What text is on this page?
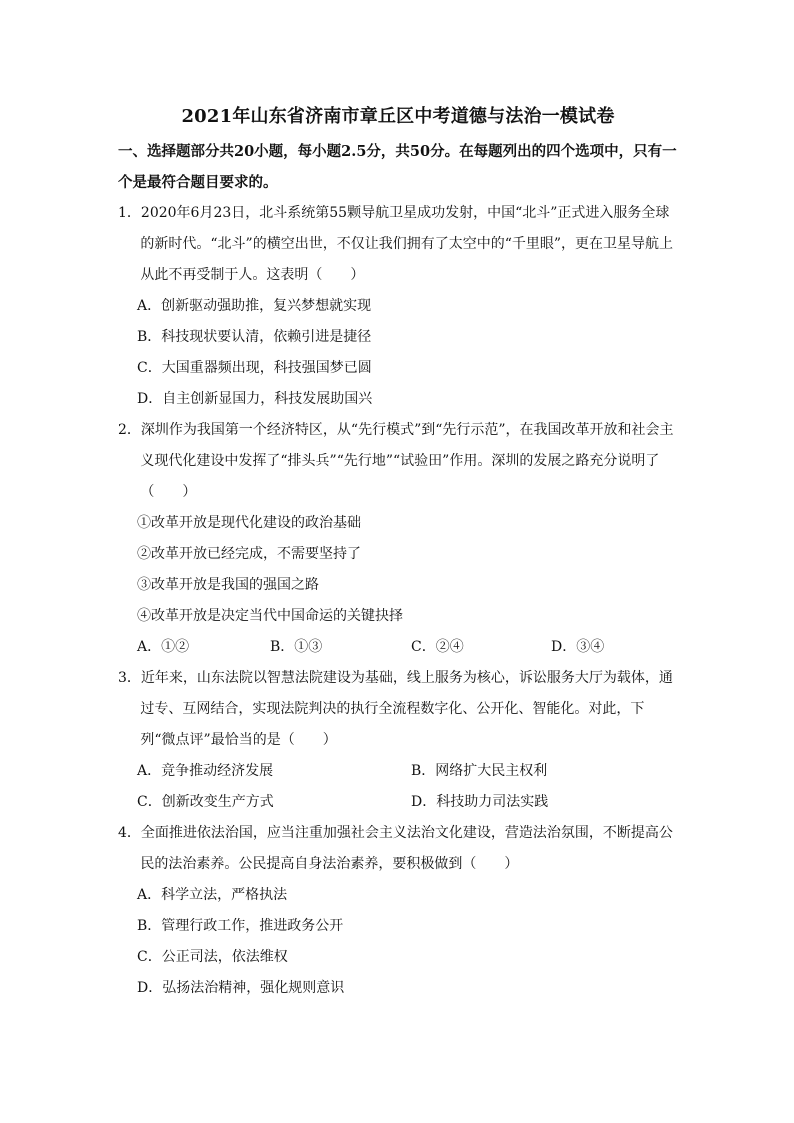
2021年山东省济南市章丘区中考道德与法治一模试卷
一、选择题部分共20小题，每小题2.5分，共50分。在每题列出的四个选项中，只有一个是最符合题目要求的。
1．2020年6月23日，北斗系统第55颗导航卫星成功发射，中国“北斗”正式进入服务全球的新时代。“北斗”的横空出世，不仅让我们拥有了太空中的“千里眼”，更在卫星导航上从此不再受制于人。这表明（　　）
A．创新驱动强助推，复兴梦想就实现
B．科技现状要认清，依赖引进是捷径
C．大国重器频出现，科技强国梦已圆
D．自主创新显国力，科技发展助国兴
2．深圳作为我国第一个经济特区，从“先行模式”到“先行示范”，在我国改革开放和社会主义现代化建设中发挥了“排头兵”“先行地”“试验田”作用。深圳的发展之路充分说明了（　　）
①改革开放是现代化建设的政治基础
②改革开放已经完成，不需要坚持了
③改革开放是我国的强国之路
④改革开放是决定当代中国命运的关键抉择
A．①②	B．①③	C．②④	D．③④
3．近年来，山东法院以智慧法院建设为基础，线上服务为核心，诉讼服务大厅为载体，通过专、互网结合，实现法院判决的执行全流程数字化、公开化、智能化。对此，下列“微点评”最恰当的是（　　）
A．竞争推动经济发展	B．网络扩大民主权利
C．创新改变生产方式	D．科技助力司法实践
4．全面推进依法治国，应当注重加强社会主义法治文化建设，营造法治氛围，不断提高公民的法治素养。公民提高自身法治素养，要积极做到（　　）
A．科学立法，严格执法
B．管理行政工作，推进政务公开
C．公正司法，依法维权
D．弘扬法治精神，强化规则意识
